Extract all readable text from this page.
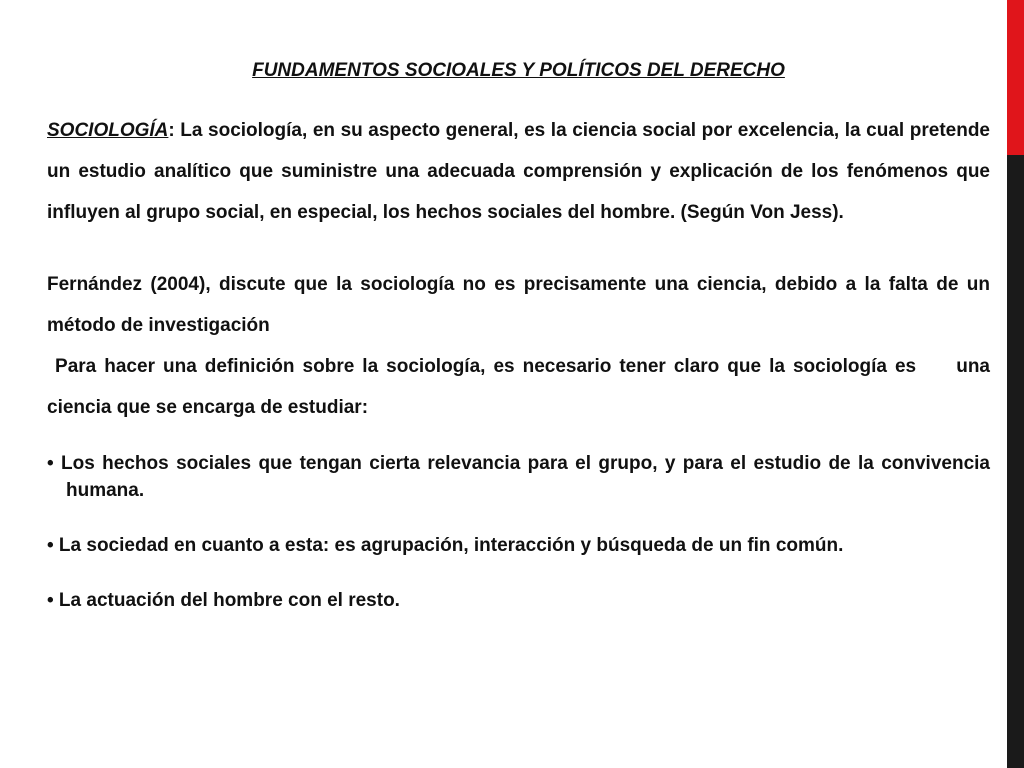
FUNDAMENTOS SOCIOALES Y POLÍTICOS DEL DERECHO

SOCIOLOGÍA: La sociología, en su aspecto general, es la ciencia social por excelencia, la cual pretende un estudio analítico que suministre una adecuada comprensión y explicación de los fenómenos que influyen al grupo social, en especial, los hechos sociales del hombre. (Según Von Jess).

Fernández (2004), discute que la sociología no es precisamente una ciencia, debido a la falta de un método de investigación

Para hacer una definición sobre la sociología, es necesario tener claro que la sociología es     una ciencia que se encarga de estudiar:

• Los hechos sociales que tengan cierta relevancia para el grupo, y para el estudio de la convivencia humana.
• La sociedad en cuanto a esta: es agrupación, interacción y búsqueda de un fin común.
• La actuación del hombre con el resto.
